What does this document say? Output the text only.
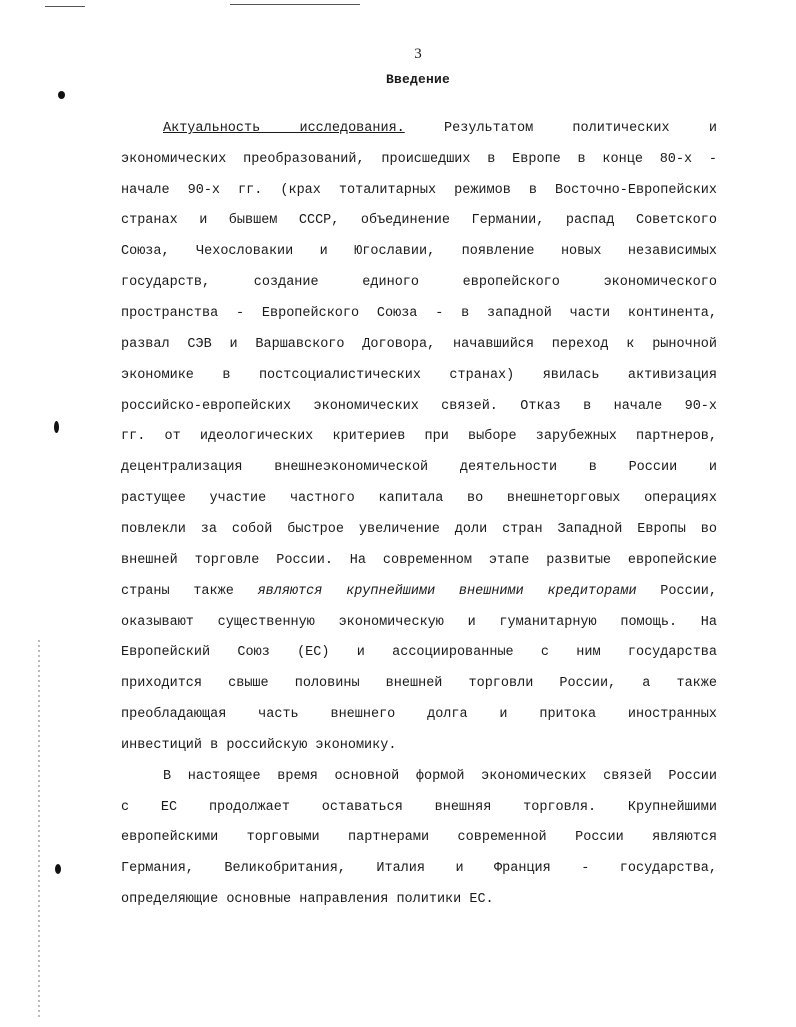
3
Введение
Актуальность исследования. Результатом политических и
экономических преобразований, происшедших в Европе в конце 80-х -
начале 90-х гг. (крах тоталитарных режимов в Восточно-Европейских
странах и бывшем СССР, объединение Германии, распад Советского
Союза, Чехословакии и Югославии, появление новых независимых
государств, создание единого европейского экономического
пространства - Европейского Союза - в западной части континента,
развал СЭВ и Варшавского Договора, начавшийся переход к рыночной
экономике в постсоциалистических странах) явилась активизация
российско-европейских экономических связей. Отказ в начале 90-х
гг. от идеологических критериев при выборе зарубежных партнеров,
децентрализация внешнеэкономической деятельности в России и
растущее участие частного капитала во внешнеторговых операциях
повлекли за собой быстрое увеличение доли стран Западной Европы во
внешней торговле России. На современном этапе развитые европейские
страны также являются крупнейшими внешними кредиторами России,
оказывают существенную экономическую и гуманитарную помощь. На
Европейский Союз (ЕС) и ассоциированные с ним государства
приходится свыше половины внешней торговли России, а также
преобладающая часть внешнего долга и притока иностранных
инвестиций в российскую экономику.
В настоящее время основной формой экономических связей России
с ЕС продолжает оставаться внешняя торговля. Крупнейшими
европейскими торговыми партнерами современной России являются
Германия, Великобритания, Италия и Франция - государства,
определяющие основные направления политики ЕС.
